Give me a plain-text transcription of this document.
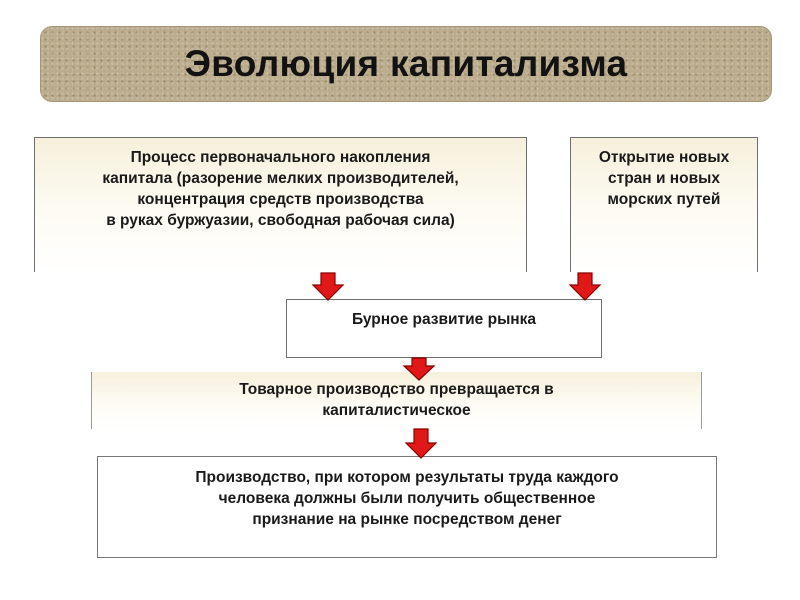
Эволюция капитализма
Процесс первоначального накопления
капитала (разорение мелких производителей,
концентрация средств производства
в руках буржуазии, свободная рабочая сила)
Открытие новых
стран и новых
морских путей
Бурное развитие рынка
Товарное производство превращается в
капиталистическое
Производство, при котором результаты труда каждого
человека должны были получить общественное
признание на рынке посредством денег
